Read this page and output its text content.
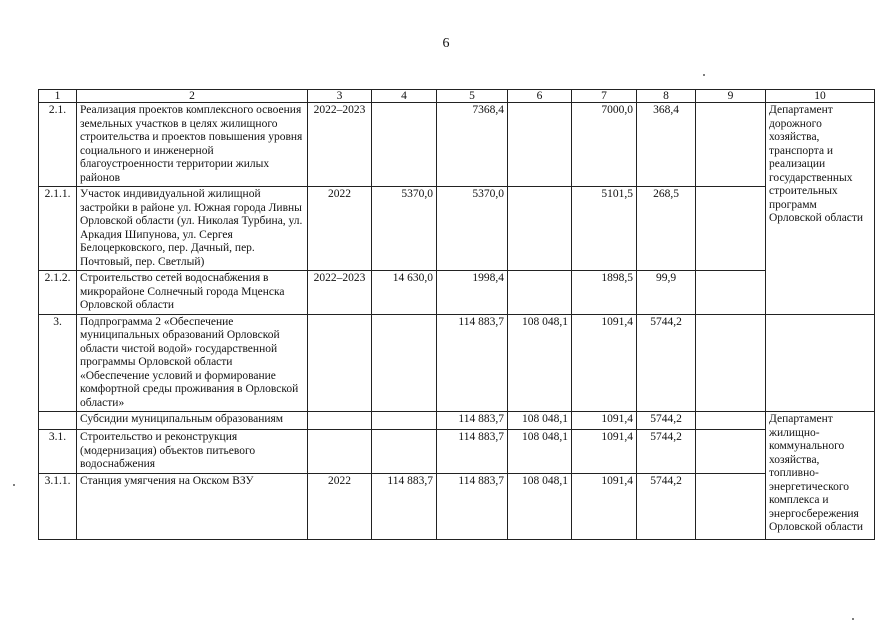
6
1	2	3	4	5	6	7	8	9	10
2.1.	Реализация проектов комплексного освоения земельных участков в целях жилищного строительства и проектов повышения уровня социального и инженерной благоустроенности территории жилых районов	2022–2023		7368,4		7000,0	368,4		Департамент дорожного хозяйства, транспорта и реализации государственных строительных программ Орловской области
2.1.1.	Участок индивидуальной жилищной застройки в районе ул. Южная города Ливны Орловской области (ул. Николая Турбина, ул. Аркадия Шипунова, ул. Сергея Белоцерковского, пер. Дачный, пер. Почтовый, пер. Светлый)	2022	5370,0	5370,0		5101,5	268,5		
2.1.2.	Строительство сетей водоснабжения в микрорайоне Солнечный города Мценска Орловской области	2022–2023	14 630,0	1998,4		1898,5	99,9		
3.	Подпрограмма 2 «Обеспечение муниципальных образований Орловской области чистой водой» государственной программы Орловской области «Обеспечение условий и формирование комфортной среды проживания в Орловской области»			114 883,7	108 048,1	1091,4	5744,2		
	Субсидии муниципальным образованиям			114 883,7	108 048,1	1091,4	5744,2		Департамент жилищно-коммунального хозяйства, топливно-энергетического комплекса и энергосбережения Орловской области
3.1.	Строительство и реконструкция (модернизация) объектов питьевого водоснабжения			114 883,7	108 048,1	1091,4	5744,2		
3.1.1.	Станция умягчения на Окском ВЗУ	2022	114 883,7	114 883,7	108 048,1	1091,4	5744,2		
